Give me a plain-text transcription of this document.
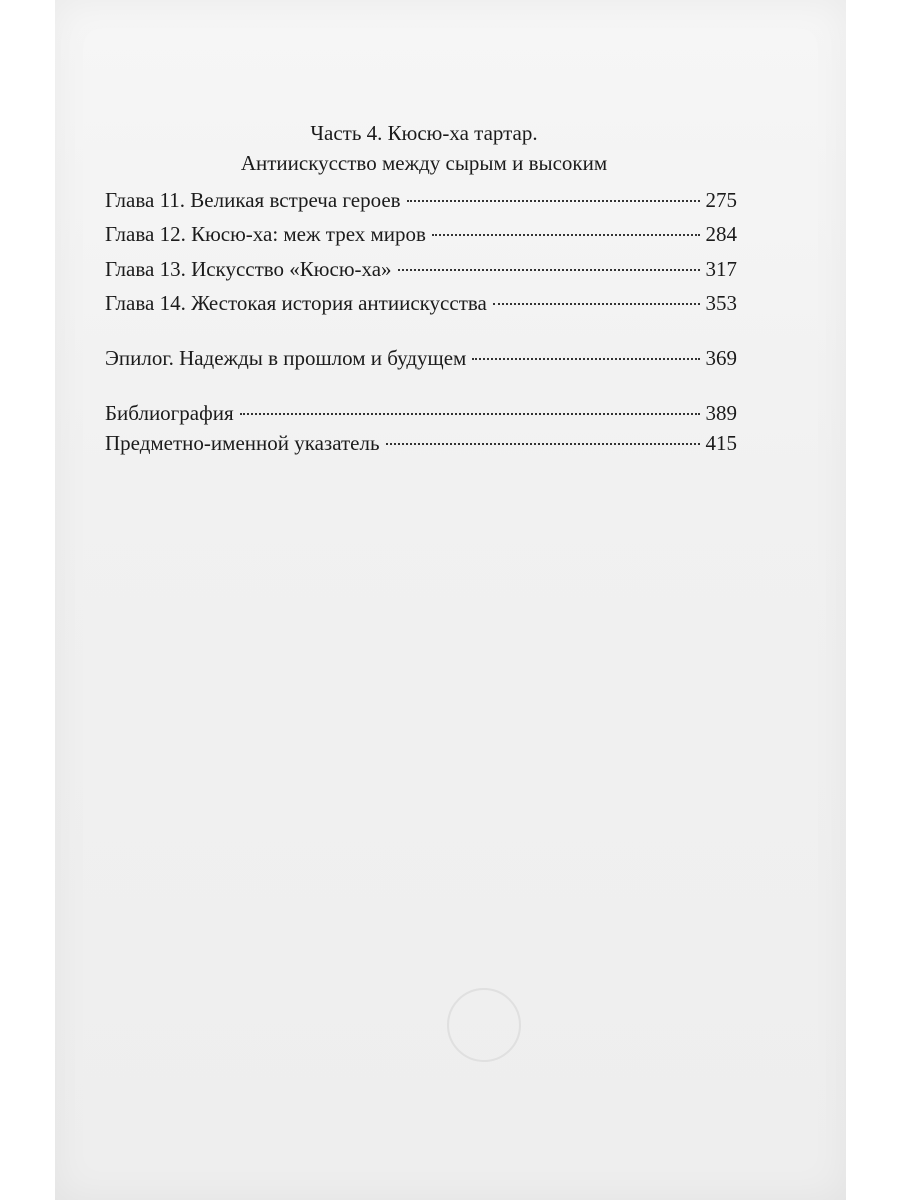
Часть 4. Кюсю-ха тартар.
Антиискусство между сырым и высоким
Глава 11. Великая встреча героев	275
Глава 12. Кюсю-ха: меж трех миров	284
Глава 13. Искусство «Кюсю-ха»	317
Глава 14. Жестокая история антиискусства	353
Эпилог. Надежды в прошлом и будущем	369
Библиография	389
Предметно-именной указатель	415
